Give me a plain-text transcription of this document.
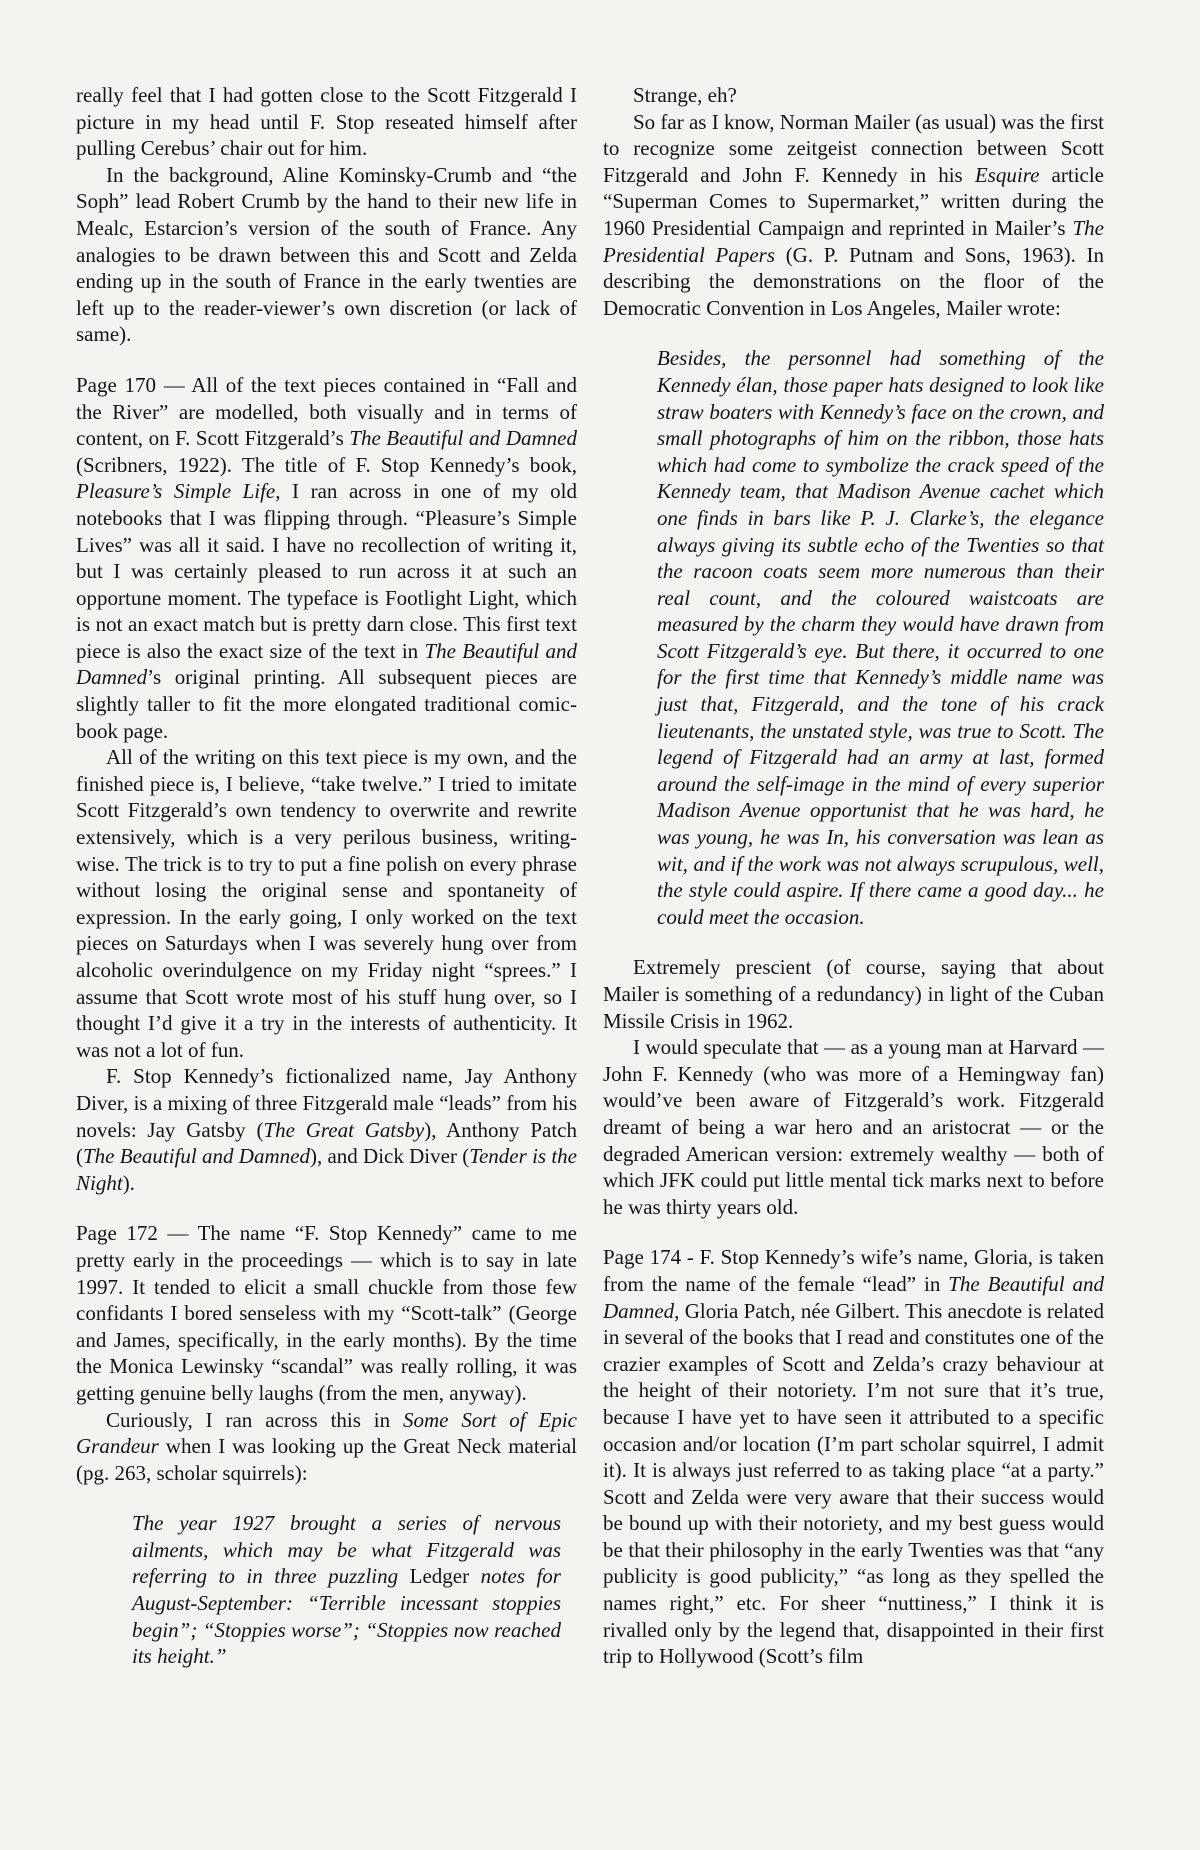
really feel that I had gotten close to the Scott Fitzgerald I picture in my head until F. Stop reseated himself after pulling Cerebus’ chair out for him.

In the background, Aline Kominsky-Crumb and “the Soph” lead Robert Crumb by the hand to their new life in Mealc, Estarcion’s version of the south of France. Any analogies to be drawn between this and Scott and Zelda ending up in the south of France in the early twenties are left up to the reader-viewer’s own discretion (or lack of same).

Page 170 — All of the text pieces contained in “Fall and the River” are modelled, both visually and in terms of content, on F. Scott Fitzgerald’s The Beautiful and Damned (Scribners, 1922). The title of F. Stop Kennedy’s book, Pleasure’s Simple Life, I ran across in one of my old notebooks that I was flipping through. “Pleasure’s Simple Lives” was all it said. I have no recollection of writing it, but I was certainly pleased to run across it at such an opportune moment. The typeface is Footlight Light, which is not an exact match but is pretty darn close. This first text piece is also the exact size of the text in The Beautiful and Damned’s original printing. All subsequent pieces are slightly taller to fit the more elongated traditional comic-book page.

All of the writing on this text piece is my own, and the finished piece is, I believe, “take twelve.” I tried to imitate Scott Fitzgerald’s own tendency to overwrite and rewrite extensively, which is a very perilous business, writing-wise. The trick is to try to put a fine polish on every phrase without losing the original sense and spontaneity of expression. In the early going, I only worked on the text pieces on Saturdays when I was severely hung over from alcoholic overindulgence on my Friday night “sprees.” I assume that Scott wrote most of his stuff hung over, so I thought I’d give it a try in the interests of authenticity. It was not a lot of fun.

F. Stop Kennedy’s fictionalized name, Jay Anthony Diver, is a mixing of three Fitzgerald male “leads” from his novels: Jay Gatsby (The Great Gatsby), Anthony Patch (The Beautiful and Damned), and Dick Diver (Tender is the Night).

Page 172 — The name “F. Stop Kennedy” came to me pretty early in the proceedings — which is to say in late 1997. It tended to elicit a small chuckle from those few confidants I bored senseless with my “Scott-talk” (George and James, specifically, in the early months). By the time the Monica Lewinsky “scandal” was really rolling, it was getting genuine belly laughs (from the men, anyway).

Curiously, I ran across this in Some Sort of Epic Grandeur when I was looking up the Great Neck material (pg. 263, scholar squirrels):

The year 1927 brought a series of nervous ailments, which may be what Fitzgerald was referring to in three puzzling Ledger notes for August-September: “Terrible incessant stoppies begin”; “Stoppies worse”; “Stoppies now reached its height.”

Strange, eh?

So far as I know, Norman Mailer (as usual) was the first to recognize some zeitgeist connection between Scott Fitzgerald and John F. Kennedy in his Esquire article “Superman Comes to Supermarket,” written during the 1960 Presidential Campaign and reprinted in Mailer’s The Presidential Papers (G. P. Putnam and Sons, 1963). In describing the demonstrations on the floor of the Democratic Convention in Los Angeles, Mailer wrote:

Besides, the personnel had something of the Kennedy élan, those paper hats designed to look like straw boaters with Kennedy’s face on the crown, and small photographs of him on the ribbon, those hats which had come to symbolize the crack speed of the Kennedy team, that Madison Avenue cachet which one finds in bars like P. J. Clarke’s, the elegance always giving its subtle echo of the Twenties so that the racoon coats seem more numerous than their real count, and the coloured waistcoats are measured by the charm they would have drawn from Scott Fitzgerald’s eye. But there, it occurred to one for the first time that Kennedy’s middle name was just that, Fitzgerald, and the tone of his crack lieutenants, the unstated style, was true to Scott. The legend of Fitzgerald had an army at last, formed around the self-image in the mind of every superior Madison Avenue opportunist that he was hard, he was young, he was In, his conversation was lean as wit, and if the work was not always scrupulous, well, the style could aspire. If there came a good day... he could meet the occasion.

Extremely prescient (of course, saying that about Mailer is something of a redundancy) in light of the Cuban Missile Crisis in 1962.

I would speculate that — as a young man at Harvard — John F. Kennedy (who was more of a Hemingway fan) would’ve been aware of Fitzgerald’s work. Fitzgerald dreamt of being a war hero and an aristocrat — or the degraded American version: extremely wealthy — both of which JFK could put little mental tick marks next to before he was thirty years old.

Page 174 - F. Stop Kennedy’s wife’s name, Gloria, is taken from the name of the female “lead” in The Beautiful and Damned, Gloria Patch, née Gilbert. This anecdote is related in several of the books that I read and constitutes one of the crazier examples of Scott and Zelda’s crazy behaviour at the height of their notoriety. I’m not sure that it’s true, because I have yet to have seen it attributed to a specific occasion and/or location (I’m part scholar squirrel, I admit it). It is always just referred to as taking place “at a party.” Scott and Zelda were very aware that their success would be bound up with their notoriety, and my best guess would be that their philosophy in the early Twenties was that “any publicity is good publicity,” “as long as they spelled the names right,” etc. For sheer “nuttiness,” I think it is rivalled only by the legend that, disappointed in their first trip to Hollywood (Scott’s film
